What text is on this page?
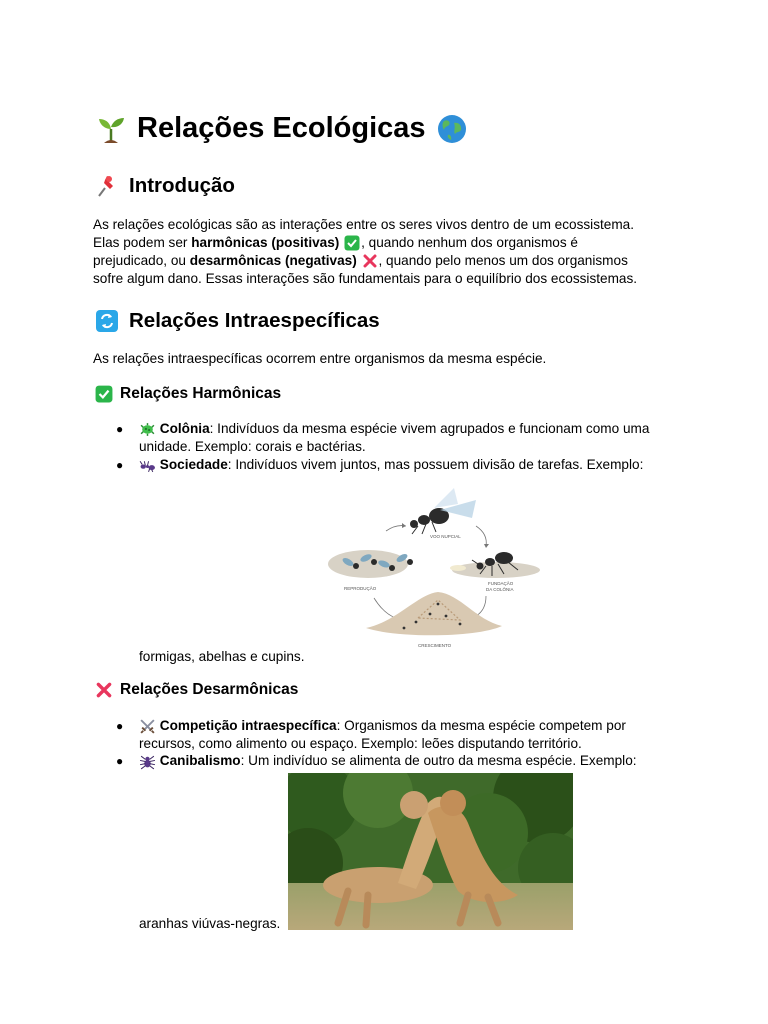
Relações Ecológicas
Introdução
As relações ecológicas são as interações entre os seres vivos dentro de um ecossistema.
Elas podem ser harmônicas (positivas) , quando nenhum dos organismos é
prejudicado, ou desarmônicas (negativas) , quando pelo menos um dos organismos
sofre algum dano. Essas interações são fundamentais para o equilíbrio dos ecossistemas.
Relações Intraespecíficas
As relações intraespecíficas ocorrem entre organismos da mesma espécie.
Relações Harmônicas
●	Colônia: Indivíduos da mesma espécie vivem agrupados e funcionam como uma
unidade. Exemplo: corais e bactérias.
●	Sociedade: Indivíduos vivem juntos, mas possuem divisão de tarefas. Exemplo:
VOO NUPCIAL
REPRODUÇÃO
FUNDAÇÃO
DA COLÔNIA
CRESCIMENTO
formigas, abelhas e cupins.
Relações Desarmônicas
●	Competição intraespecífica: Organismos da mesma espécie competem por
recursos, como alimento ou espaço. Exemplo: leões disputando território.
●	Canibalismo: Um indivíduo se alimenta de outro da mesma espécie. Exemplo:
aranhas viúvas-negras.
